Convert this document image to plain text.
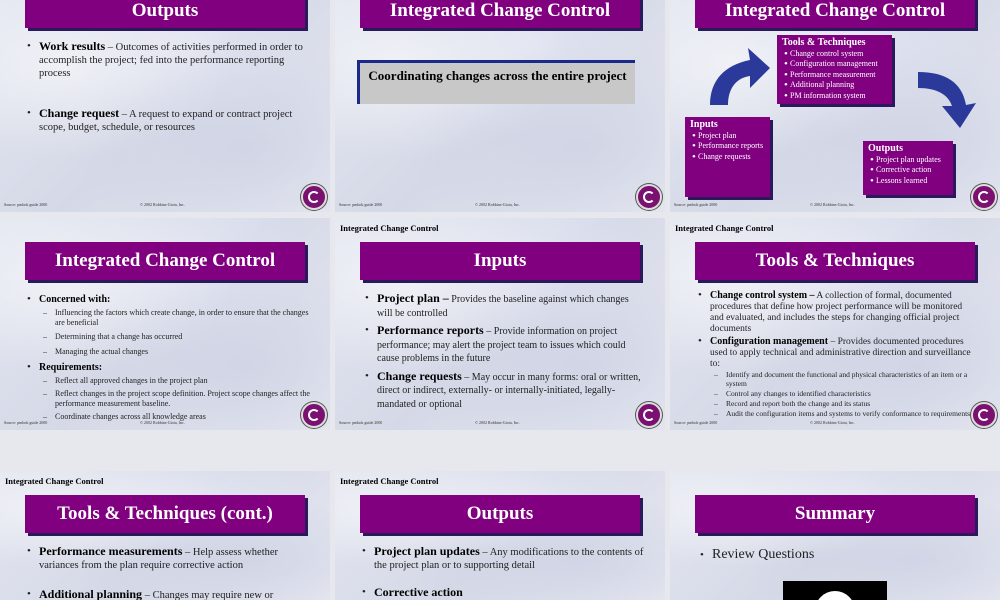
Outputs
• Work results – Outcomes of activities performed in order to accomplish the project; fed into the performance reporting process
• Change request – A request to expand or contract project scope, budget, schedule, or resources
Source: pmbok guide 2000	© 2002 Robbins-Gioia, Inc.
Integrated Change Control
Coordinating changes across the entire project
Source: pmbok guide 2000	© 2002 Robbins-Gioia, Inc.
Integrated Change Control
Tools & Techniques
• Change control system
• Configuration management
• Performance measurement
• Additional planning
• PM information system
Inputs
• Project plan
• Performance reports
• Change requests
Outputs
• Project plan updates
• Corrective action
• Lessons learned
Source: pmbok guide 2000	© 2002 Robbins-Gioia, Inc.
Integrated Change Control
• Concerned with:
– Influencing the factors which create change, in order to ensure that the changes are beneficial
– Determining that a change has occurred
– Managing the actual changes
• Requirements:
– Reflect all approved changes in the project plan
– Reflect changes in the project scope definition. Project scope changes affect the performance measurement baseline.
– Coordinate changes across all knowledge areas
Source: pmbok guide 2000	© 2002 Robbins-Gioia, Inc.
Integrated Change Control
Inputs
• Project plan – Provides the baseline against which changes will be controlled
• Performance reports – Provide information on project performance; may alert the project team to issues which could cause problems in the future
• Change requests – May occur in many forms: oral or written, direct or indirect, externally- or internally-initiated, legally-mandated or optional
Source: pmbok guide 2000	© 2002 Robbins-Gioia, Inc.
Integrated Change Control
Tools & Techniques
• Change control system – A collection of formal, documented procedures that define how project performance will be monitored and evaluated, and includes the steps for changing official project documents
• Configuration management – Provides documented procedures used to apply technical and administrative direction and surveillance to:
– Identify and document the functional and physical characteristics of an item or a system
– Control any changes to identified characteristics
– Record and report both the change and its status
– Audit the configuration items and systems to verify conformance to requirements
Source: pmbok guide 2000	© 2002 Robbins-Gioia, Inc.
Integrated Change Control
Tools & Techniques (cont.)
• Performance measurements – Help assess whether variances from the plan require corrective action
• Additional planning – Changes may require new or
Integrated Change Control
Outputs
• Project plan updates – Any modifications to the contents of the project plan or to supporting detail
• Corrective action
Summary
• Review Questions
